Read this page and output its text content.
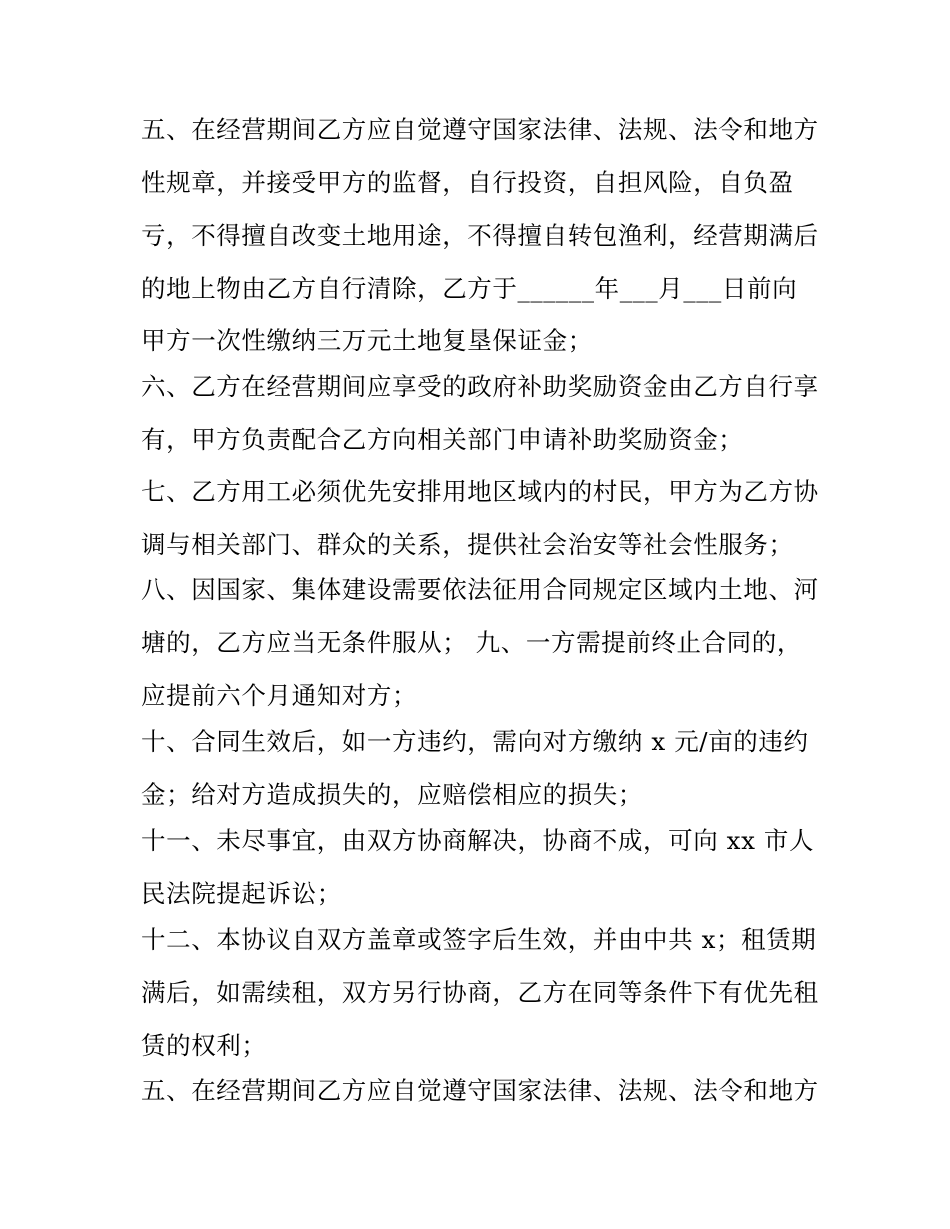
五、在经营期间乙方应自觉遵守国家法律、法规、法令和地方
性规章，并接受甲方的监督，自行投资，自担风险，自负盈
亏，不得擅自改变土地用途，不得擅自转包渔利，经营期满后
的地上物由乙方自行清除，乙方于______年___月___日前向
甲方一次性缴纳三万元土地复垦保证金；
六、乙方在经营期间应享受的政府补助奖励资金由乙方自行享
有，甲方负责配合乙方向相关部门申请补助奖励资金；
七、乙方用工必须优先安排用地区域内的村民，甲方为乙方协
调与相关部门、群众的关系，提供社会治安等社会性服务；
八、因国家、集体建设需要依法征用合同规定区域内土地、河
塘的，乙方应当无条件服从； 九、一方需提前终止合同的，
应提前六个月通知对方；
十、合同生效后，如一方违约，需向对方缴纳 x 元/亩的违约
金；给对方造成损失的，应赔偿相应的损失；
十一、未尽事宜，由双方协商解决，协商不成，可向 xx 市人
民法院提起诉讼；
十二、本协议自双方盖章或签字后生效，并由中共 x；租赁期
满后，如需续租，双方另行协商，乙方在同等条件下有优先租
赁的权利；
五、在经营期间乙方应自觉遵守国家法律、法规、法令和地方
